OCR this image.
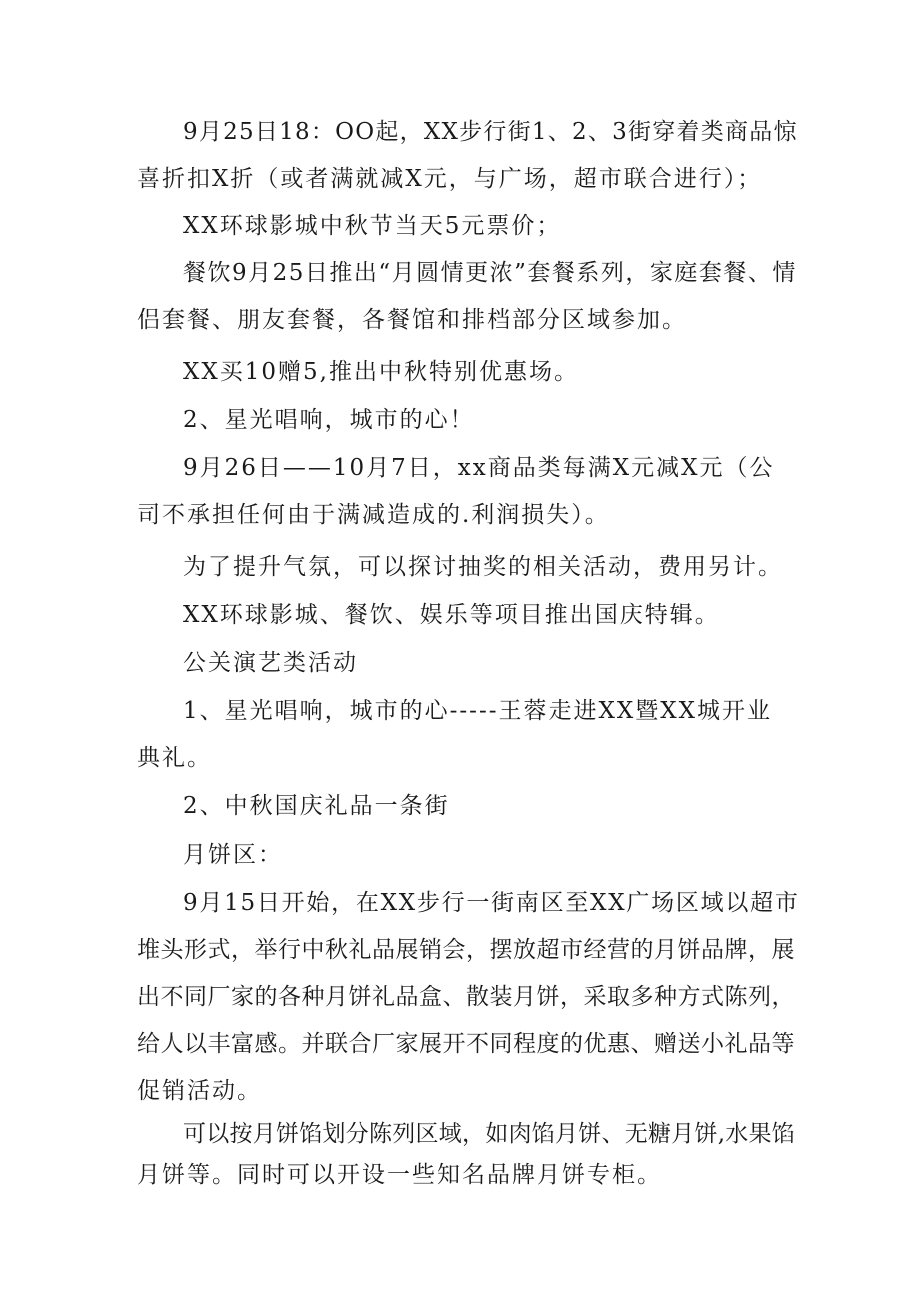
9月25日18：OO起，XX步行街1、2、3街穿着类商品惊
喜折扣X折（或者满就减X元，与广场，超市联合进行）；
XX环球影城中秋节当天5元票价；
餐饮9月25日推出“月圆情更浓”套餐系列，家庭套餐、情
侣套餐、朋友套餐，各餐馆和排档部分区域参加。
XX买10赠5,推出中秋特别优惠场。
2、星光唱响，城市的心！
9月26日——10月7日，xx商品类每满X元减X元（公
司不承担任何由于满减造成的.利润损失）。
为了提升气氛，可以探讨抽奖的相关活动，费用另计。
XX环球影城、餐饮、娱乐等项目推出国庆特辑。
公关演艺类活动
1、星光唱响，城市的心-----王蓉走进XX暨XX城开业
典礼。
2、中秋国庆礼品一条街
月饼区：
9月15日开始，在XX步行一街南区至XX广场区域以超市
堆头形式，举行中秋礼品展销会，摆放超市经营的月饼品牌，展
出不同厂家的各种月饼礼品盒、散装月饼，采取多种方式陈列，
给人以丰富感。并联合厂家展开不同程度的优惠、赠送小礼品等
促销活动。
可以按月饼馅划分陈列区域，如肉馅月饼、无糖月饼,水果馅
月饼等。同时可以开设一些知名品牌月饼专柜。
